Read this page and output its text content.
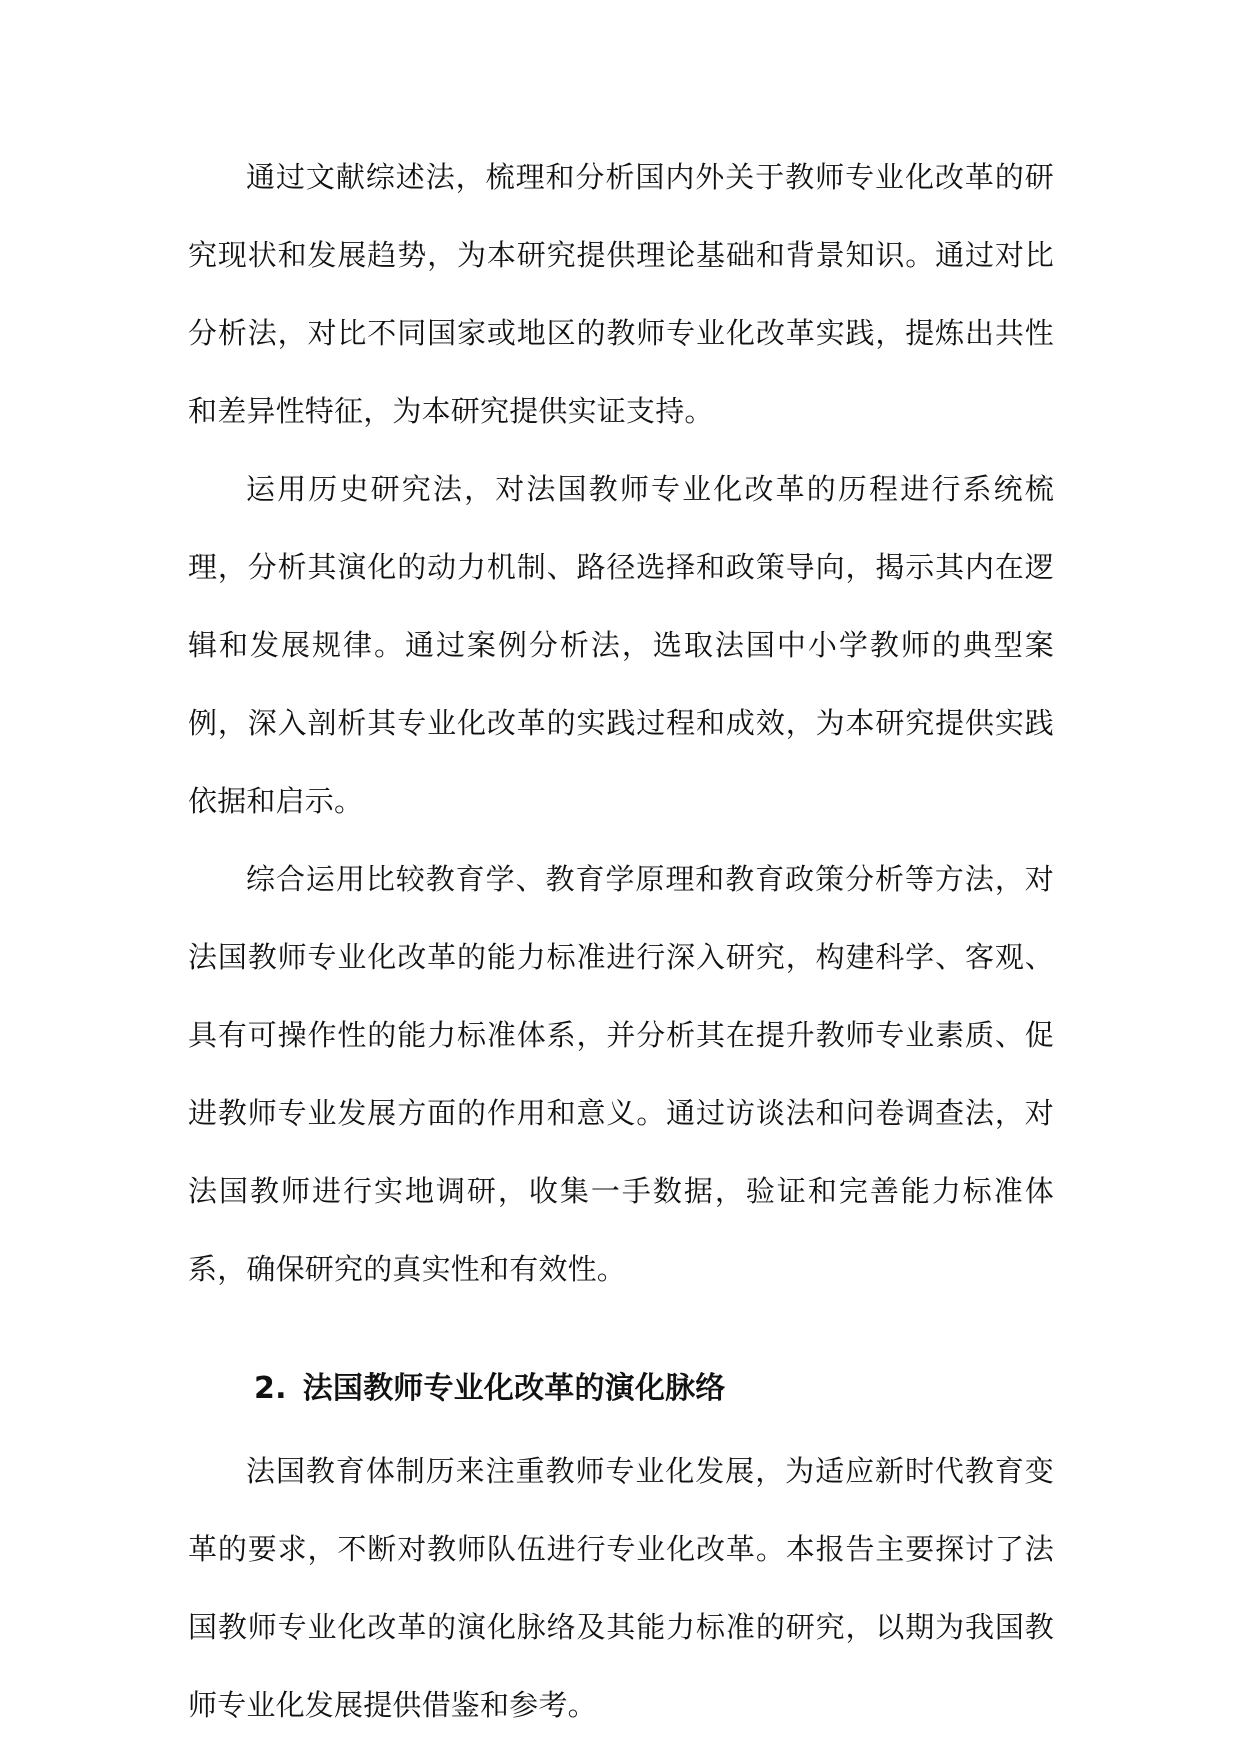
通过文献综述法，梳理和分析国内外关于教师专业化改革的研究现状和发展趋势，为本研究提供理论基础和背景知识。通过对比分析法，对比不同国家或地区的教师专业化改革实践，提炼出共性和差异性特征，为本研究提供实证支持。

运用历史研究法，对法国教师专业化改革的历程进行系统梳理，分析其演化的动力机制、路径选择和政策导向，揭示其内在逻辑和发展规律。通过案例分析法，选取法国中小学教师的典型案例，深入剖析其专业化改革的实践过程和成效，为本研究提供实践依据和启示。

综合运用比较教育学、教育学原理和教育政策分析等方法，对法国教师专业化改革的能力标准进行深入研究，构建科学、客观、具有可操作性的能力标准体系，并分析其在提升教师专业素质、促进教师专业发展方面的作用和意义。通过访谈法和问卷调查法，对法国教师进行实地调研，收集一手数据，验证和完善能力标准体系，确保研究的真实性和有效性。

2. 法国教师专业化改革的演化脉络

法国教育体制历来注重教师专业化发展，为适应新时代教育变革的要求，不断对教师队伍进行专业化改革。本报告主要探讨了法国教师专业化改革的演化脉络及其能力标准的研究，以期为我国教师专业化发展提供借鉴和参考。
